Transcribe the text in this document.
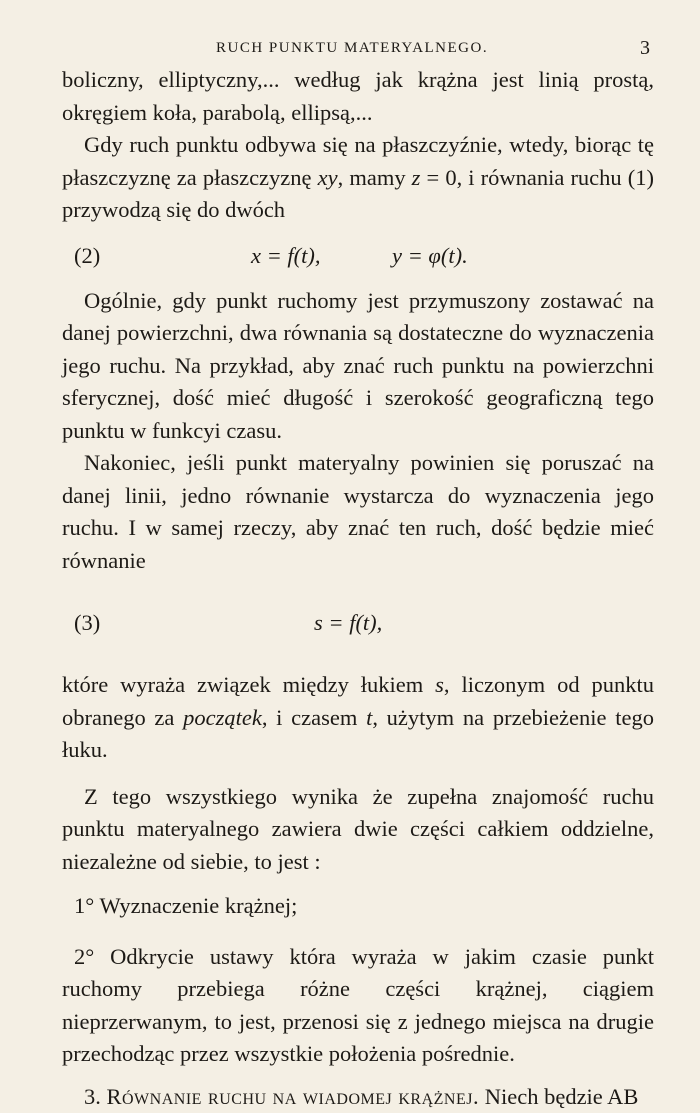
RUCH PUNKTU MATERYALNEGO.	3

boliczny, elliptyczny,... według jak krążna jest linią prostą, okręgiem koła, parabolą, ellipsą,...

Gdy ruch punktu odbywa się na płaszczyźnie, wtedy, biorąc tę płaszczyznę za płaszczyznę xy, mamy z = 0, i równania ruchu (1) przywodzą się do dwóch

(2)	x = f(t),	y = φ(t).

Ogólnie, gdy punkt ruchomy jest przymuszony zostawać na danej powierzchni, dwa równania są dostateczne do wyznaczenia jego ruchu. Na przykład, aby znać ruch punktu na powierzchni sferycznej, dość mieć długość i szerokość geograficzną tego punktu w funkcyi czasu.

Nakoniec, jeśli punkt materyalny powinien się poruszać na danej linii, jedno równanie wystarcza do wyznaczenia jego ruchu. I w samej rzeczy, aby znać ten ruch, dość będzie mieć równanie

(3)	s = f(t),

które wyraża związek między łukiem s, liczonym od punktu obranego za początek, i czasem t, użytym na przebieżenie tego łuku.

Z tego wszystkiego wynika że zupełna znajomość ruchu punktu materyalnego zawiera dwie części całkiem oddzielne, niezależne od siebie, to jest :

1° Wyznaczenie krążnej;

2° Odkrycie ustawy która wyraża w jakim czasie punkt ruchomy przebiega różne części krążnej, ciągiem nieprzerwanym, to jest, przenosi się z jednego miejsca na drugie przechodząc przez wszystkie położenia pośrednie.

3. Równanie ruchu na wiadomej krążnej. Niech będzie AB
